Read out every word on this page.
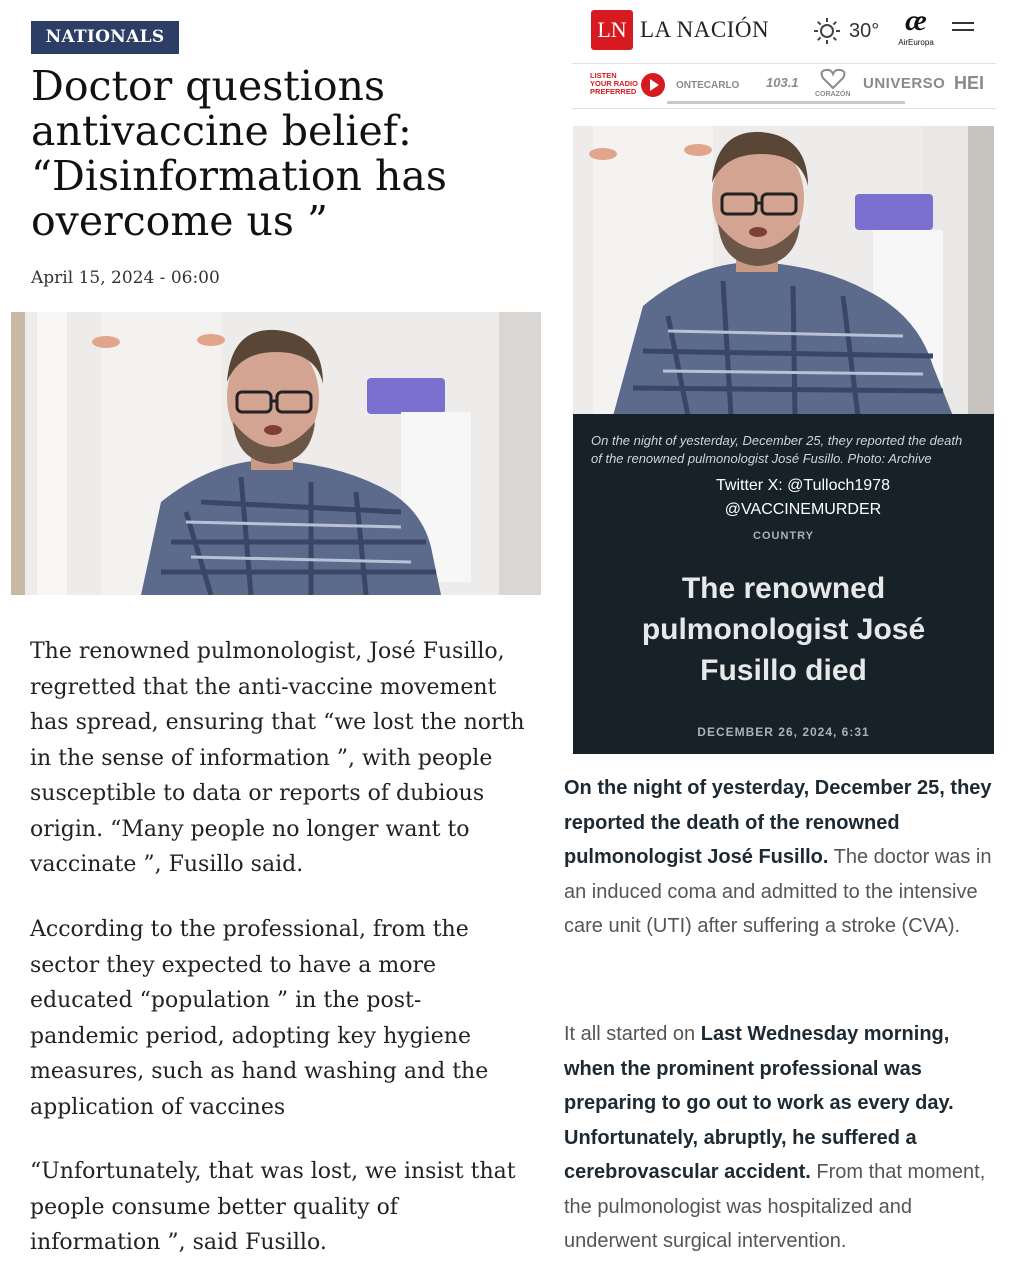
NATIONALS
Doctor questions antivaccine belief: “Disinformation has overcome us ”
April 15, 2024 - 06:00

The renowned pulmonologist, José Fusillo, regretted that the anti-vaccine movement has spread, ensuring that “we lost the north in the sense of information ”, with people susceptible to data or reports of dubious origin. “Many people no longer want to vaccinate ”, Fusillo said.

According to the professional, from the sector they expected to have a more educated “population ” in the post-pandemic period, adopting key hygiene measures, such as hand washing and the application of vaccines

“Unfortunately, that was lost, we insist that people consume better quality of information ”, said Fusillo.

LN LA NACIÓN	30° æ
AirEuropa
LISTEN YOUR RADIO PREFERRED
ONTECARLO 103.1
CORAZÓN
UNIVERSO HEI
On the night of yesterday, December 25, they reported the death of the renowned pulmonologist José Fusillo. Photo: Archive
Twitter X: @Tulloch1978
@VACCINEMURDER
COUNTRY
The renowned pulmonologist José Fusillo died
DECEMBER 26, 2024, 6:31

On the night of yesterday, December 25, they reported the death of the renowned pulmonologist José Fusillo. The doctor was in an induced coma and admitted to the intensive care unit (UTI) after suffering a stroke (CVA).

It all started on Last Wednesday morning, when the prominent professional was preparing to go out to work as every day. Unfortunately, abruptly, he suffered a cerebrovascular accident. From that moment, the pulmonologist was hospitalized and underwent surgical intervention.
